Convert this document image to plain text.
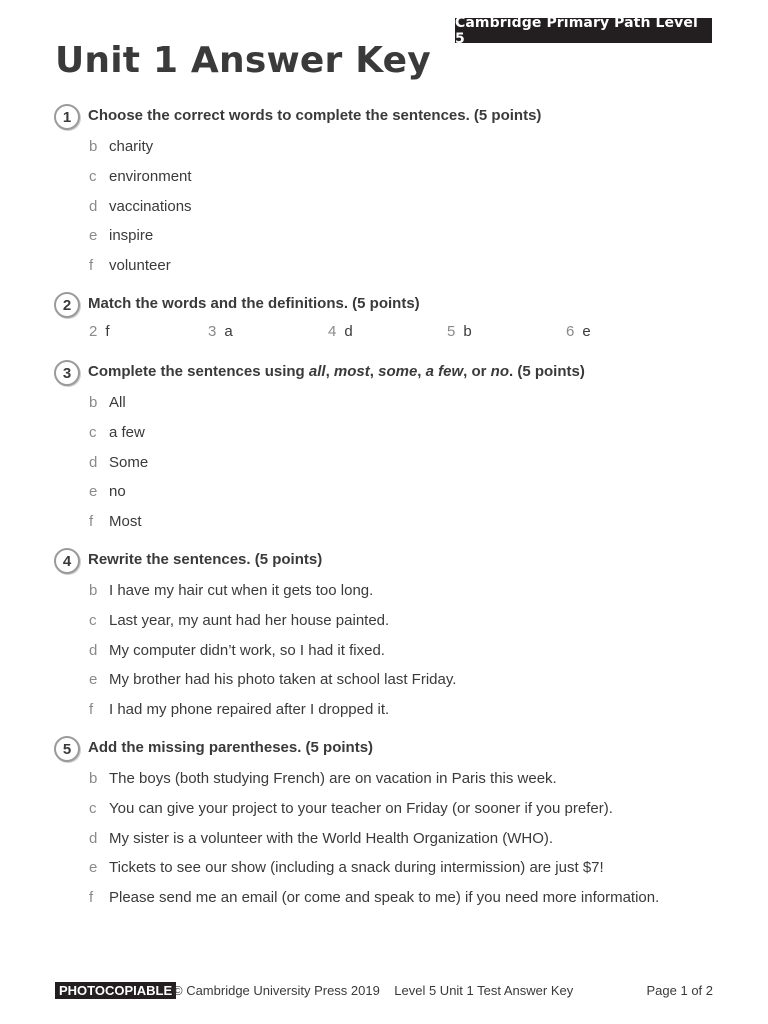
Cambridge Primary Path Level 5
Unit 1 Answer Key
1	Choose the correct words to complete the sentences. (5 points)
b charity
c environment
d vaccinations
e inspire
f	volunteer
2	Match the words and the definitions. (5 points)
2 f	3 a	4 d	5 b	6 e
3	Complete the sentences using all, most, some, a few, or no. (5 points)
b All
c a few
d Some
e no
f	Most
4	Rewrite the sentences. (5 points)
b I have my hair cut when it gets too long.
c Last year, my aunt had her house painted.
d My computer didn’t work, so I had it fixed.
e My brother had his photo taken at school last Friday.
f	I had my phone repaired after I dropped it.
5	Add the missing parentheses. (5 points)
b The boys (both studying French) are on vacation in Paris this week.
c You can give your project to your teacher on Friday (or sooner if you prefer).
d My sister is a volunteer with the World Health Organization (WHO).
e Tickets to see our show (including a snack during intermission) are just $7!
f	Please send me an email (or come and speak to me) if you need more information.
PHOTOCOPIABLE © Cambridge University Press 2019    Level 5 Unit 1 Test Answer Key	Page 1 of 2
